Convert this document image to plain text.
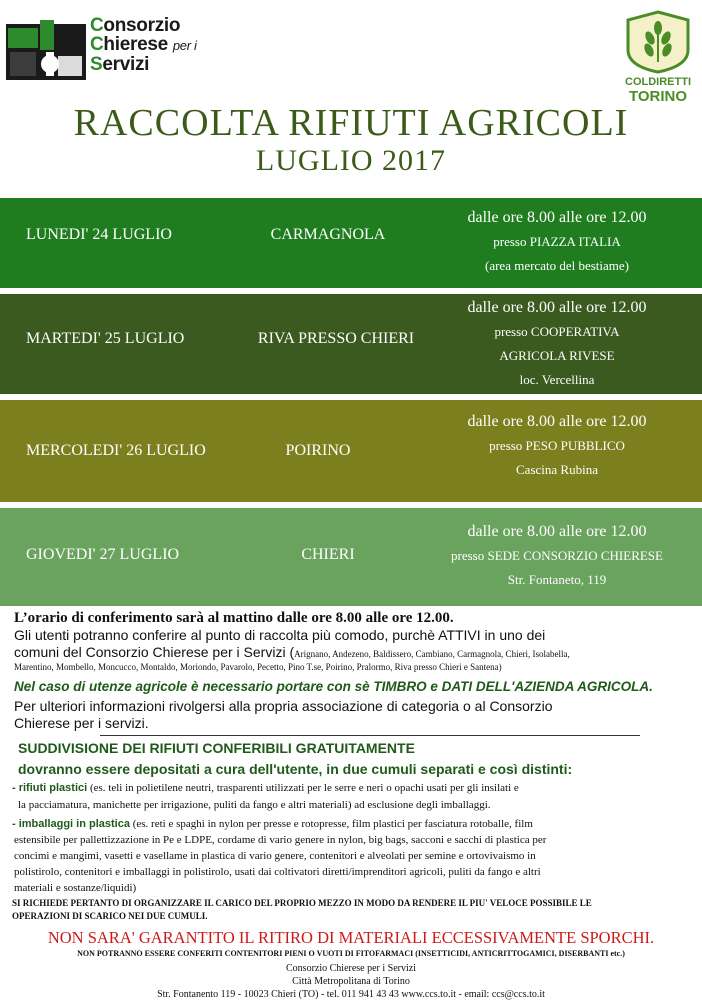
Consorzio
Chierese per i
Servizi
COLDIRETTI
TORINO
RACCOLTA RIFIUTI AGRICOLI
LUGLIO 2017
LUNEDI' 24 LUGLIO	CARMAGNOLA
dalle ore 8.00 alle ore 12.00
presso PIAZZA ITALIA
(area mercato del bestiame)
MARTEDI' 25 LUGLIO	RIVA PRESSO CHIERI
dalle ore 8.00 alle ore 12.00
presso COOPERATIVA
AGRICOLA RIVESE
loc. Vercellina
MERCOLEDI' 26 LUGLIO	POIRINO
dalle ore 8.00 alle ore 12.00
presso PESO PUBBLICO
Cascina Rubina
GIOVEDI' 27 LUGLIO	CHIERI
dalle ore 8.00 alle ore 12.00
presso SEDE CONSORZIO CHIERESE
Str. Fontaneto, 119
L’orario di conferimento sarà al mattino dalle ore 8.00 alle ore 12.00.
Gli utenti potranno conferire al punto di raccolta più comodo, purchè ATTIVI in uno dei
comuni del Consorzio Chierese per i Servizi (Arignano, Andezeno, Baldissero, Cambiano, Carmagnola, Chieri, Isolabella,
Marentino, Mombello, Moncucco, Montaldo, Moriondo, Pavarolo, Pecetto, Pino T.se, Poirino, Pralormo, Riva presso Chieri e Santena)
Nel caso di utenze agricole è necessario portare con sè TIMBRO e DATI DELL'AZIENDA AGRICOLA.
Per ulteriori informazioni rivolgersi alla propria associazione di categoria o al Consorzio
Chierese per i servizi.
SUDDIVISIONE DEI RIFIUTI CONFERIBILI GRATUITAMENTE
dovranno essere depositati a cura dell'utente, in due cumuli separati e così distinti:
- rifiuti plastici (es. teli in polietilene neutri, trasparenti utilizzati per le serre e neri o opachi usati per gli insilati e
la pacciamatura, manichette per irrigazione, puliti da fango e altri materiali) ad esclusione degli imballaggi.
- imballaggi in plastica (es. reti e spaghi in nylon per presse e rotopresse, film plastici per fasciatura rotoballe, film
estensibile per pallettizzazione in Pe e LDPE, cordame di vario genere in nylon, big bags, sacconi e sacchi di plastica per
concimi e mangimi, vasetti e vasellame in plastica di vario genere, contenitori e alveolati per semine e ortovivaismo in
polistirolo, contenitori e imballaggi in polistirolo, usati dai coltivatori diretti/imprenditori agricoli, puliti da fango e altri
materiali e sostanze/liquidi)
SI RICHIEDE PERTANTO DI ORGANIZZARE IL CARICO DEL PROPRIO MEZZO IN MODO DA RENDERE IL PIU' VELOCE POSSIBILE LE
OPERAZIONI DI SCARICO NEI DUE CUMULI.
NON SARA' GARANTITO IL RITIRO DI MATERIALI ECCESSIVAMENTE SPORCHI.
NON POTRANNO ESSERE CONFERITI CONTENITORI PIENI O VUOTI DI FITOFARMACI (INSETTICIDI, ANTICRITTOGAMICI, DISERBANTI etc.)
Consorzio Chierese per i Servizi
Città Metropolitana di Torino
Str. Fontanento 119 - 10023 Chieri (TO) - tel. 011 941 43 43 www.ccs.to.it - email: ccs@ccs.to.it
